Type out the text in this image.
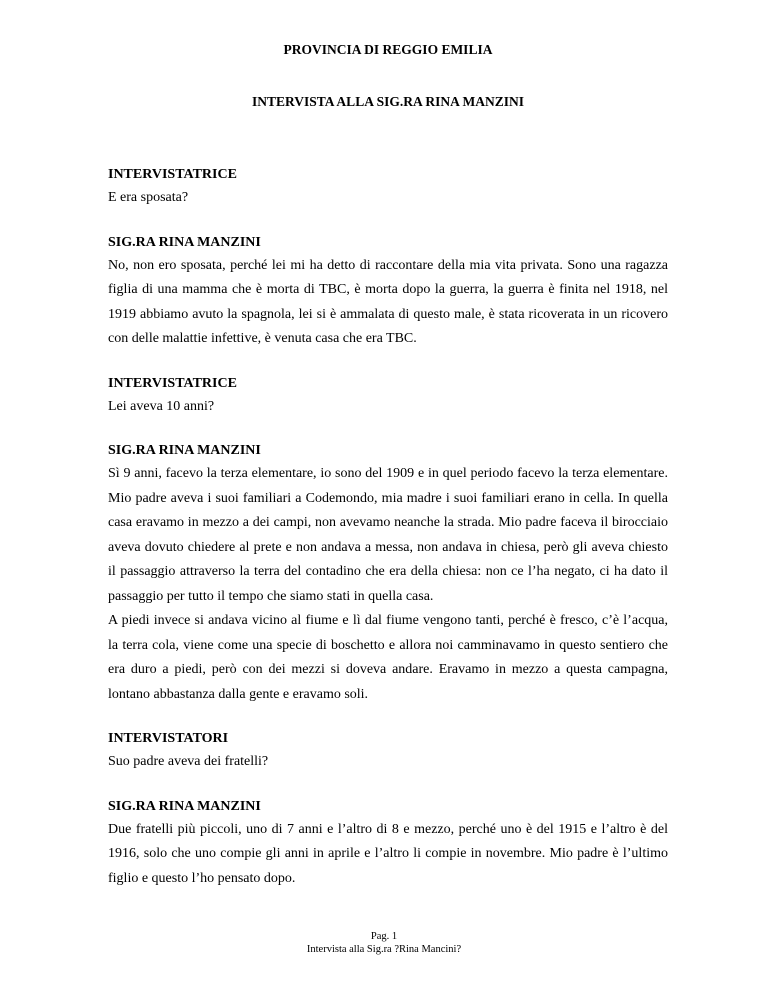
PROVINCIA DI REGGIO EMILIA
INTERVISTA ALLA SIG.RA RINA MANZINI
INTERVISTATRICE

E era sposata?

SIG.RA RINA MANZINI

No, non ero sposata, perché lei mi ha detto di raccontare della mia vita privata. Sono una ragazza figlia di una mamma che è morta di TBC, è morta dopo la guerra, la guerra è finita nel 1918, nel 1919 abbiamo avuto la spagnola, lei si è ammalata di questo male, è stata ricoverata in un ricovero con delle malattie infettive, è venuta casa che era TBC.

INTERVISTATRICE

Lei aveva 10 anni?

SIG.RA RINA MANZINI

Sì 9 anni, facevo la terza elementare, io sono del 1909 e in quel periodo facevo la terza elementare. Mio padre aveva i suoi familiari a Codemondo, mia madre i suoi familiari erano in cella. In quella casa eravamo in mezzo a dei campi, non avevamo neanche la strada. Mio padre faceva il birocciaio aveva dovuto chiedere al prete e non andava a messa, non andava in chiesa, però gli aveva chiesto il passaggio attraverso la terra del contadino che era della chiesa: non ce l’ha negato, ci ha dato il passaggio per tutto il tempo che siamo stati in quella casa.

A piedi invece si andava vicino al fiume e lì dal fiume vengono tanti, perché è fresco, c’è l’acqua, la terra cola, viene come una specie di boschetto e allora noi camminavamo in questo sentiero che era duro a piedi, però con dei mezzi si doveva andare. Eravamo in mezzo a questa campagna, lontano abbastanza dalla gente e eravamo soli.

INTERVISTATORI

Suo padre aveva dei fratelli?

SIG.RA RINA MANZINI

Due fratelli più piccoli, uno di 7 anni e l’altro di 8 e mezzo, perché uno è del 1915 e l’altro è del 1916, solo che uno compie gli anni in aprile e l’altro li compie in novembre. Mio padre è l’ultimo figlio e questo l’ho pensato dopo.

Pag. 1
Intervista alla Sig.ra ?Rina Mancini?
